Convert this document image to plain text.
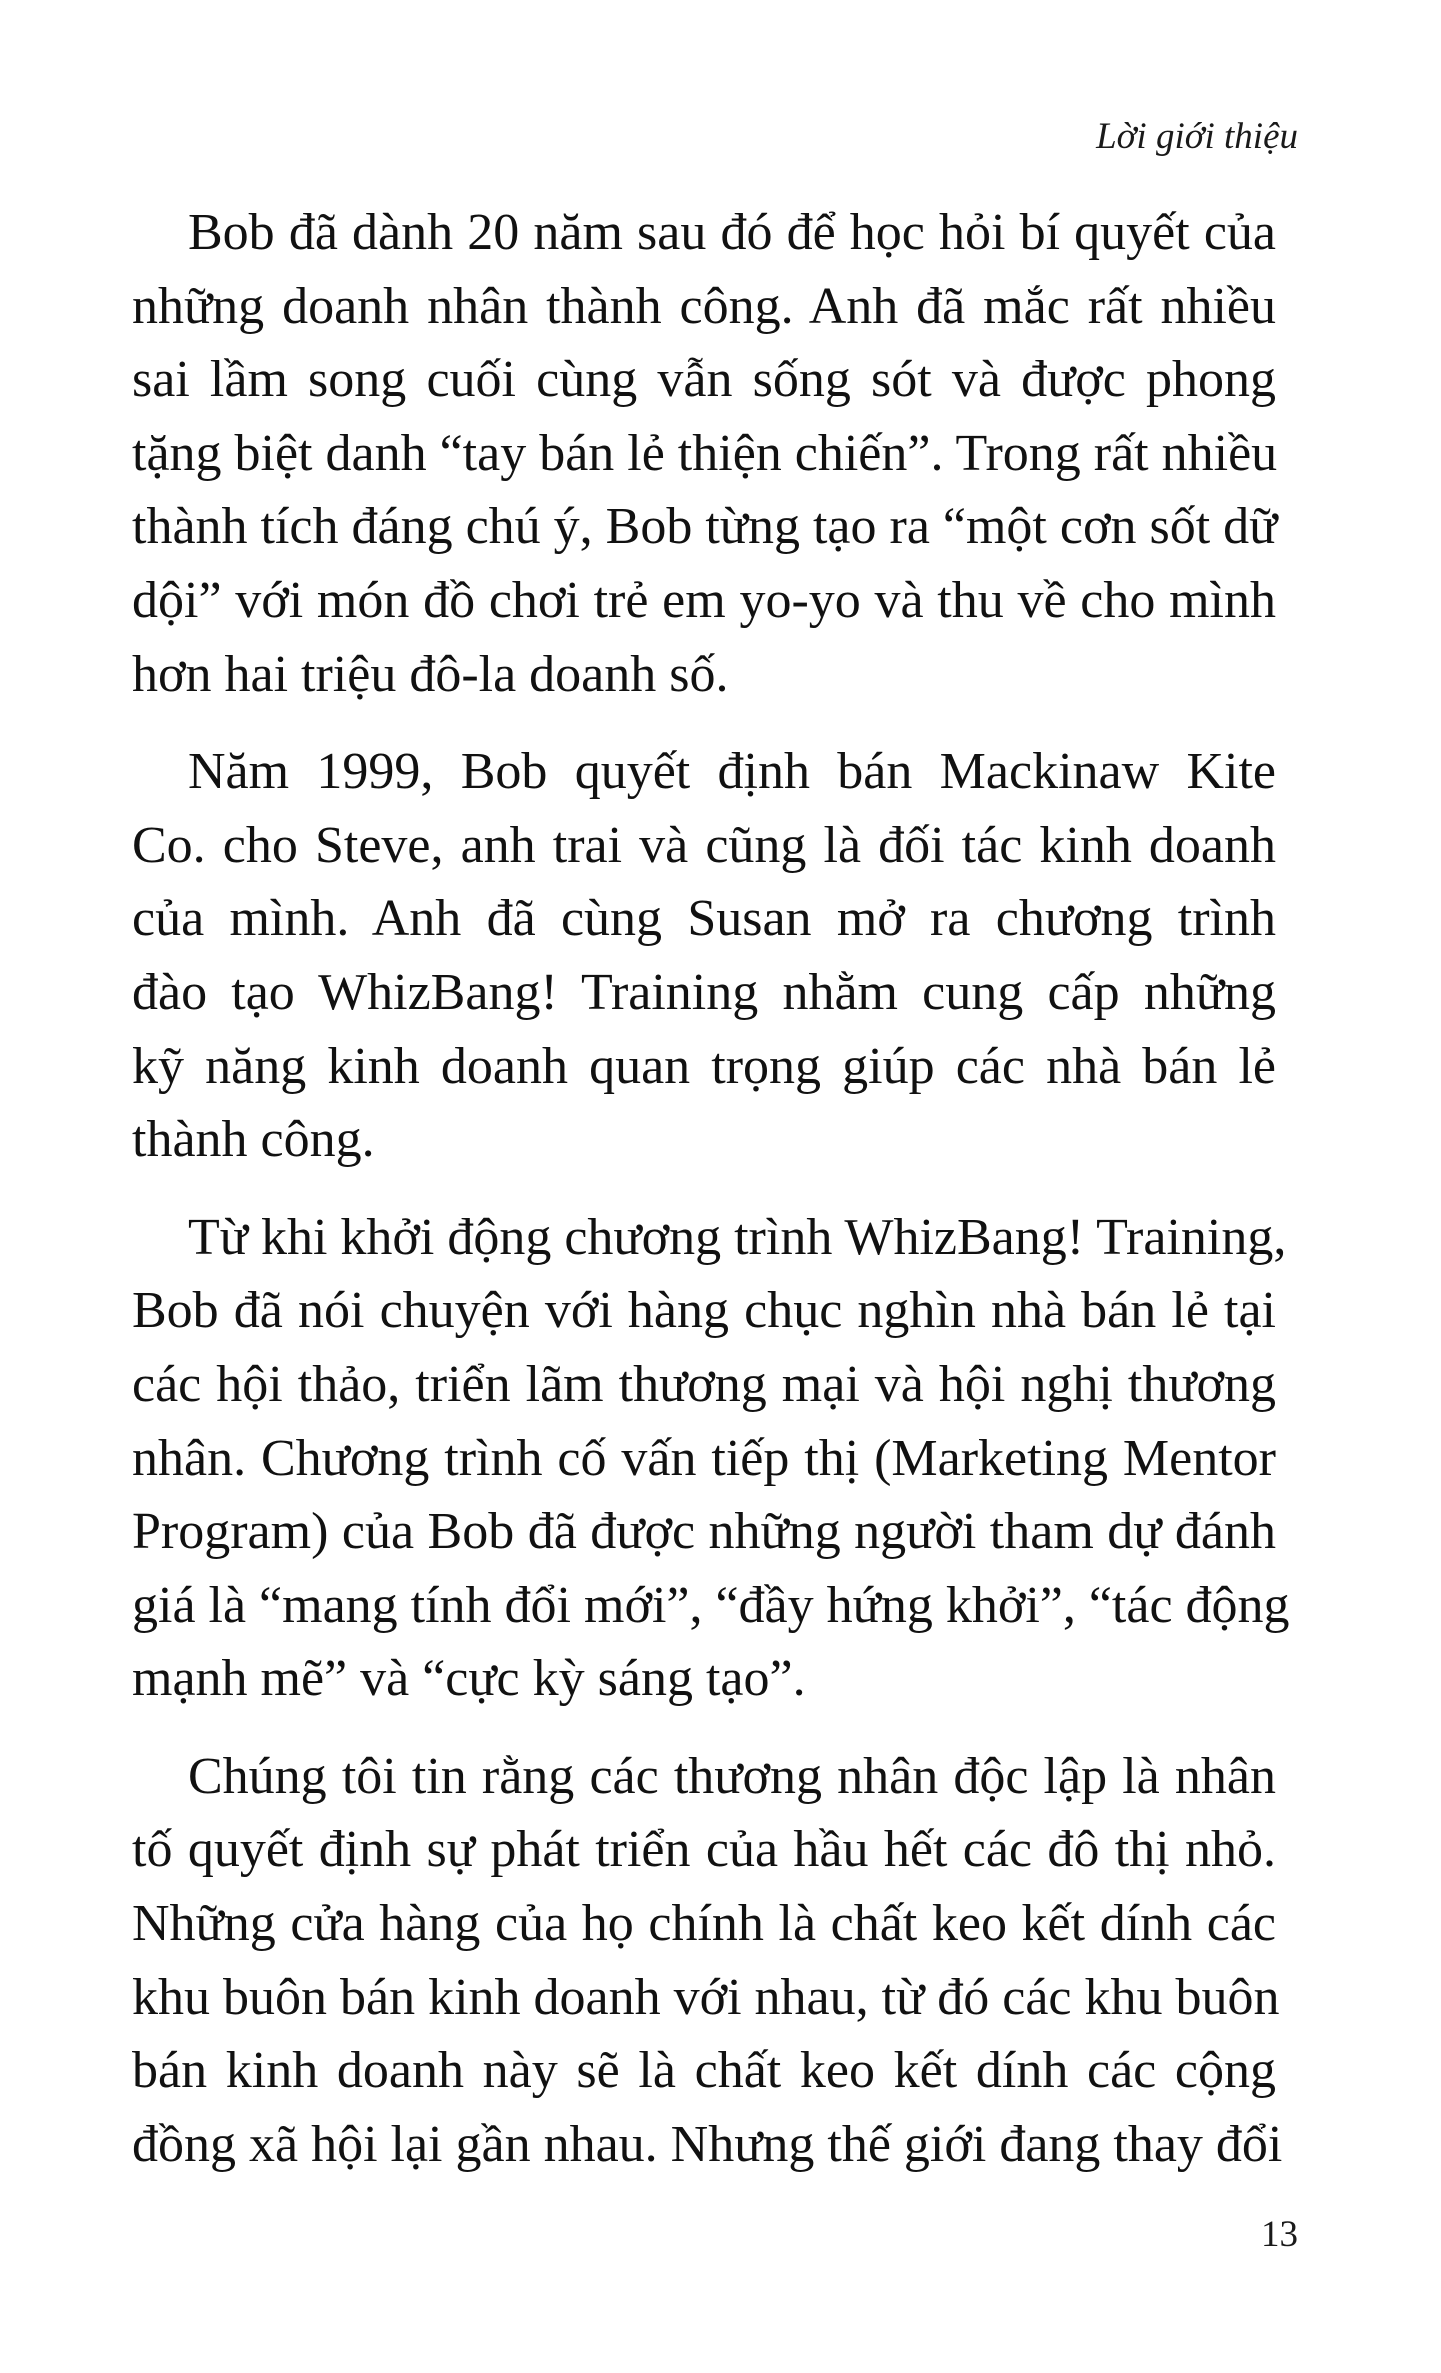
Lời giới thiệu

Bob đã dành 20 năm sau đó để học hỏi bí quyết của
những doanh nhân thành công. Anh đã mắc rất nhiều
sai lầm song cuối cùng vẫn sống sót và được phong
tặng biệt danh “tay bán lẻ thiện chiến”. Trong rất nhiều
thành tích đáng chú ý, Bob từng tạo ra “một cơn sốt dữ
dội” với món đồ chơi trẻ em yo-yo và thu về cho mình
hơn hai triệu đô-la doanh số.

Năm 1999, Bob quyết định bán Mackinaw Kite
Co. cho Steve, anh trai và cũng là đối tác kinh doanh
của mình. Anh đã cùng Susan mở ra chương trình
đào tạo WhizBang! Training nhằm cung cấp những
kỹ năng kinh doanh quan trọng giúp các nhà bán lẻ
thành công.

Từ khi khởi động chương trình WhizBang! Training,
Bob đã nói chuyện với hàng chục nghìn nhà bán lẻ tại
các hội thảo, triển lãm thương mại và hội nghị thương
nhân. Chương trình cố vấn tiếp thị (Marketing Mentor
Program) của Bob đã được những người tham dự đánh
giá là “mang tính đổi mới”, “đầy hứng khởi”, “tác động
mạnh mẽ” và “cực kỳ sáng tạo”.

Chúng tôi tin rằng các thương nhân độc lập là nhân
tố quyết định sự phát triển của hầu hết các đô thị nhỏ.
Những cửa hàng của họ chính là chất keo kết dính các
khu buôn bán kinh doanh với nhau, từ đó các khu buôn
bán kinh doanh này sẽ là chất keo kết dính các cộng
đồng xã hội lại gần nhau. Nhưng thế giới đang thay đổi

13
